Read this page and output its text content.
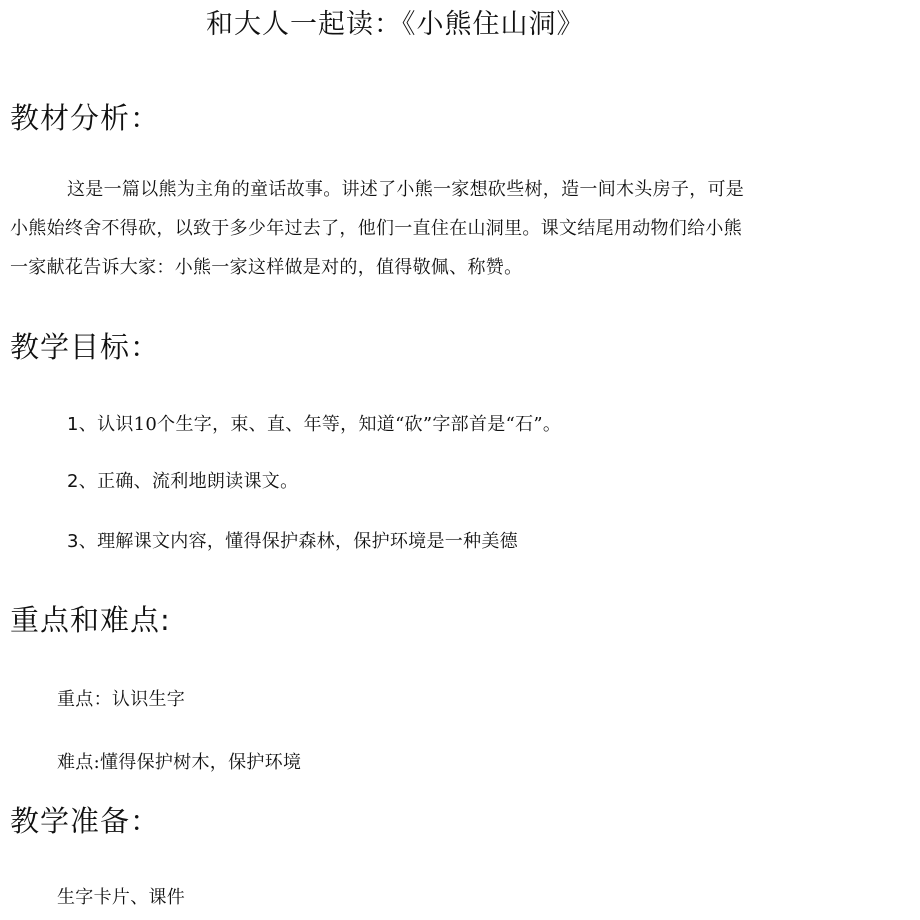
和大人一起读：《小熊住山洞》
教材分析：
这是一篇以熊为主角的童话故事。讲述了小熊一家想砍些树，造一间木头房子，可是
小熊始终舍不得砍，以致于多少年过去了，他们一直住在山洞里。课文结尾用动物们给小熊
一家献花告诉大家：小熊一家这样做是对的，值得敬佩、称赞。
教学目标：
1、认识10个生字，束、直、年等，知道“砍”字部首是“石”。
2、正确、流利地朗读课文。
3、理解课文内容，懂得保护森林，保护环境是一种美德
重点和难点:
重点：认识生字
难点:懂得保护树木，保护环境
教学准备：
生字卡片、课件
